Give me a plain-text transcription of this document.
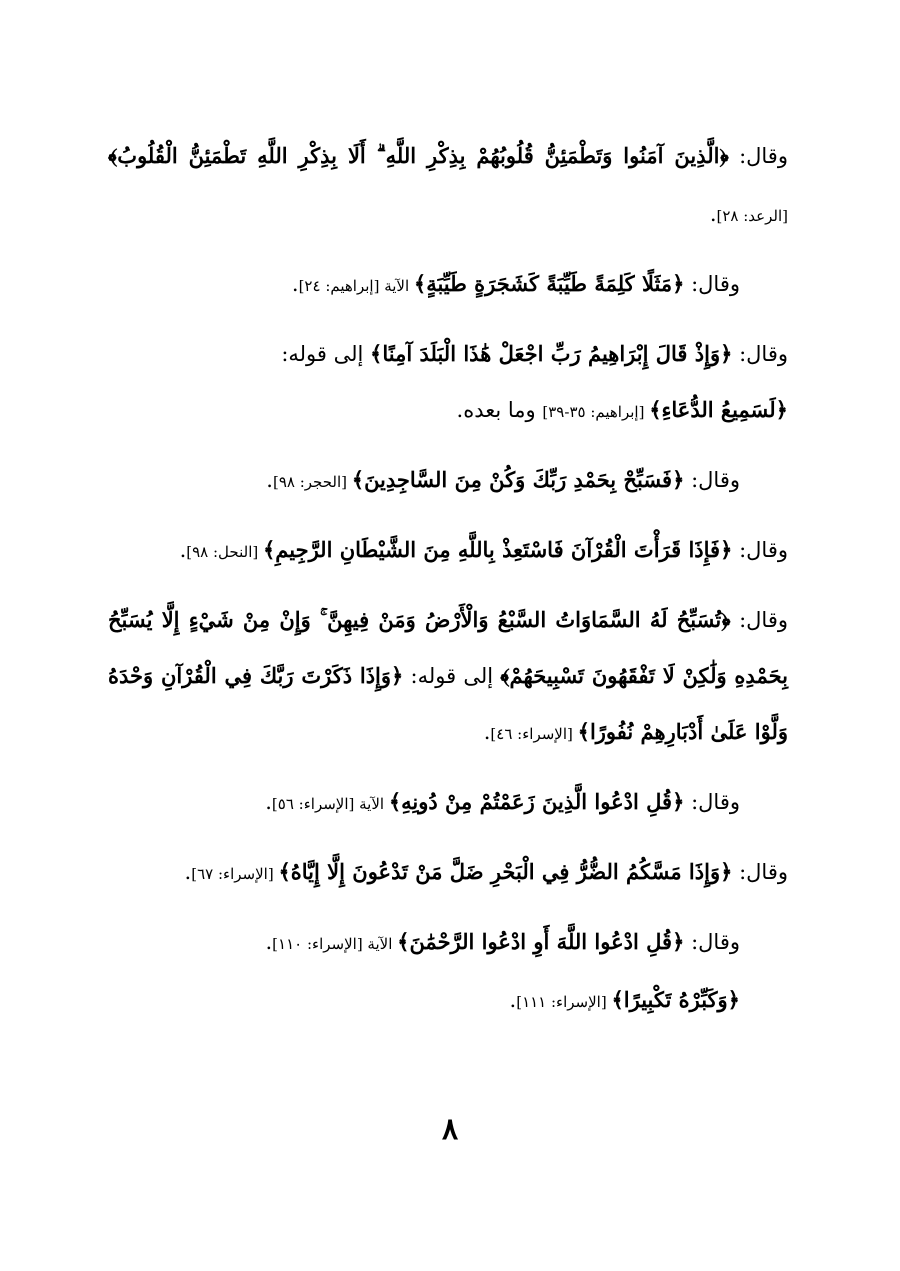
وقال: ﴿الَّذِينَ آمَنُوا وَتَطْمَئِنُّ قُلُوبُهُمْ بِذِكْرِ اللَّهِ ۗ أَلَا بِذِكْرِ اللَّهِ تَطْمَئِنُّ الْقُلُوبُ﴾ [الرعد: ٢٨].

وقال: ﴿مَثَلًا كَلِمَةً طَيِّبَةً كَشَجَرَةٍ طَيِّبَةٍ﴾ الآية [إبراهيم: ٢٤].

وقال: ﴿وَإِذْ قَالَ إِبْرَاهِيمُ رَبِّ اجْعَلْ هَٰذَا الْبَلَدَ آمِنًا﴾ إلى قوله:
﴿لَسَمِيعُ الدُّعَاءِ﴾ [إبراهيم: ٣٥-٣٩] وما بعده.

وقال: ﴿فَسَبِّحْ بِحَمْدِ رَبِّكَ وَكُنْ مِنَ السَّاجِدِينَ﴾ [الحجر: ٩٨].

وقال: ﴿فَإِذَا قَرَأْتَ الْقُرْآنَ فَاسْتَعِذْ بِاللَّهِ مِنَ الشَّيْطَانِ الرَّجِيمِ﴾ [النحل: ٩٨].

وقال: ﴿تُسَبِّحُ لَهُ السَّمَاوَاتُ السَّبْعُ وَالْأَرْضُ وَمَنْ فِيهِنَّ ۚ وَإِنْ مِنْ شَيْءٍ إِلَّا يُسَبِّحُ بِحَمْدِهِ وَلَٰكِنْ لَا تَفْقَهُونَ تَسْبِيحَهُمْ﴾ إلى قوله: ﴿وَإِذَا ذَكَرْتَ رَبَّكَ فِي الْقُرْآنِ وَحْدَهُ وَلَّوْا عَلَىٰ أَدْبَارِهِمْ نُفُورًا﴾ [الإسراء: ٤٦].

وقال: ﴿قُلِ ادْعُوا الَّذِينَ زَعَمْتُمْ مِنْ دُونِهِ﴾ الآية [الإسراء: ٥٦].

وقال: ﴿وَإِذَا مَسَّكُمُ الضُّرُّ فِي الْبَحْرِ ضَلَّ مَنْ تَدْعُونَ إِلَّا إِيَّاهُ﴾ [الإسراء: ٦٧].

وقال: ﴿قُلِ ادْعُوا اللَّهَ أَوِ ادْعُوا الرَّحْمَٰنَ﴾ الآية [الإسراء: ١١٠].

﴿وَكَبِّرْهُ تَكْبِيرًا﴾ [الإسراء: ١١١].

٨
